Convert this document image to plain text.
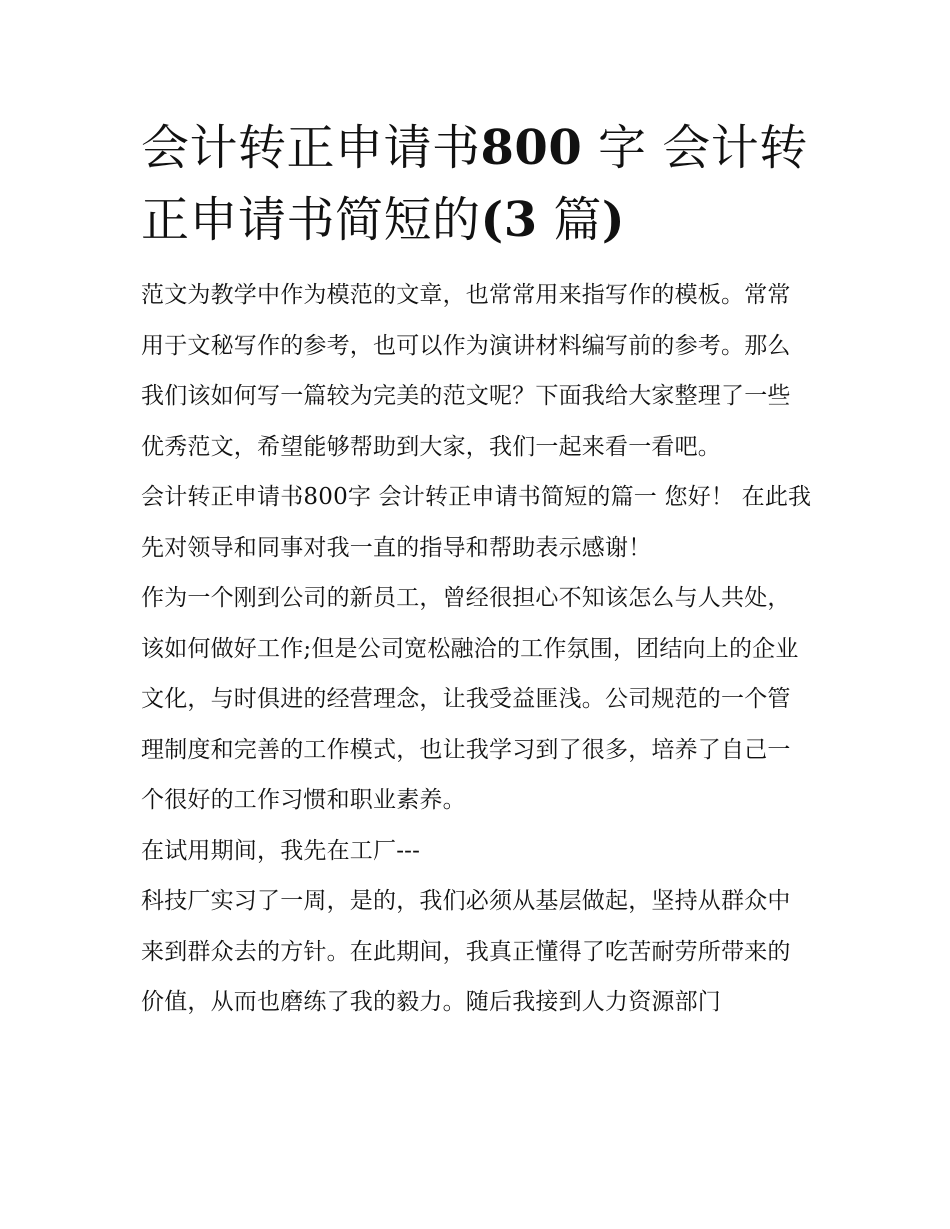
会计转正申请书800 字 会计转正申请书简短的(3 篇)

范文为教学中作为模范的文章，也常常用来指写作的模板。常常用于文秘写作的参考，也可以作为演讲材料编写前的参考。那么我们该如何写一篇较为完美的范文呢？下面我给大家整理了一些优秀范文，希望能够帮助到大家，我们一起来看一看吧。

会计转正申请书800字 会计转正申请书简短的篇一 您好！ 在此我先对领导和同事对我一直的指导和帮助表示感谢！

作为一个刚到公司的新员工，曾经很担心不知该怎么与人共处，该如何做好工作;但是公司宽松融洽的工作氛围，团结向上的企业文化，与时俱进的经营理念，让我受益匪浅。公司规范的一个管理制度和完善的工作模式，也让我学习到了很多，培养了自己一个很好的工作习惯和职业素养。

在试用期间，我先在工厂---

科技厂实习了一周，是的，我们必须从基层做起，坚持从群众中来到群众去的方针。在此期间，我真正懂得了吃苦耐劳所带来的价值，从而也磨练了我的毅力。随后我接到人力资源部门
